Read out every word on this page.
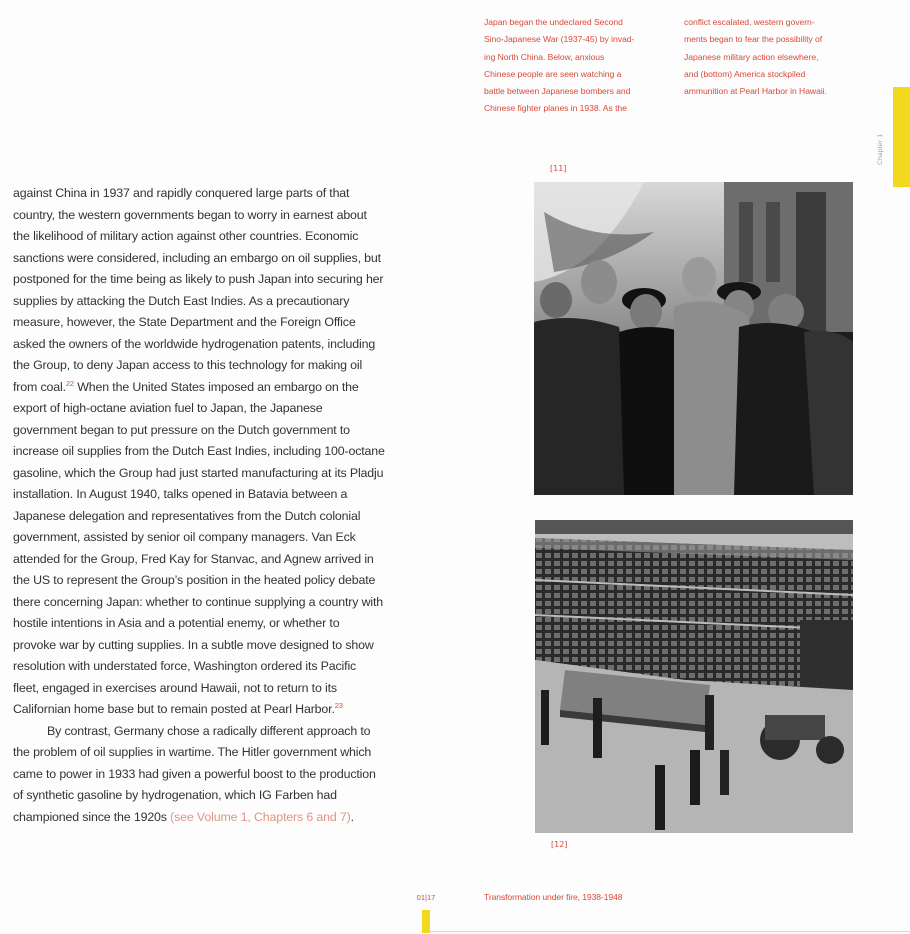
Japan began the undeclared Second
Sino-Japanese War (1937-45) by invad-
ing North China. Below, anxious
Chinese people are seen watching a
battle between Japanese bombers and
Chinese fighter planes in 1938. As the
conflict escalated, western govern-
ments began to fear the possibility of
Japanese military action elsewhere,
and (bottom) America stockpiled
ammunition at Pearl Harbor in Hawaii.
Chapter 1
[11]
[12]

against China in 1937 and rapidly conquered large parts of that country, the western governments began to worry in earnest about the likelihood of military action against other countries. Economic sanctions were considered, including an embargo on oil supplies, but postponed for the time being as likely to push Japan into securing her supplies by attacking the Dutch East Indies. As a precautionary measure, however, the State Department and the Foreign Office asked the owners of the worldwide hydrogenation patents, including the Group, to deny Japan access to this technology for making oil from coal.$^{22}$ When the United States imposed an embargo on the export of high-octane aviation fuel to Japan, the Japanese government began to put pressure on the Dutch government to increase oil supplies from the Dutch East Indies, including 100-octane gasoline, which the Group had just started manufacturing at its Pladju installation. In August 1940, talks opened in Batavia between a Japanese delegation and representatives from the Dutch colonial government, assisted by senior oil company managers. Van Eck attended for the Group, Fred Kay for Stanvac, and Agnew arrived in the US to represent the Group’s position in the heated policy debate there concerning Japan: whether to continue supplying a country with hostile intentions in Asia and a potential enemy, or whether to provoke war by cutting supplies. In a subtle move designed to show resolution with understated force, Washington ordered its Pacific fleet, engaged in exercises around Hawaii, not to return to its Californian home base but to remain posted at Pearl Harbor.$^{23}$

By contrast, Germany chose a radically different approach to the problem of oil supplies in wartime. The Hitler government which came to power in 1933 had given a powerful boost to the production of synthetic gasoline by hydrogenation, which IG Farben had championed since the 1920s (see Volume 1, Chapters 6 and 7).

01|17	Transformation under fire, 1938-1948
